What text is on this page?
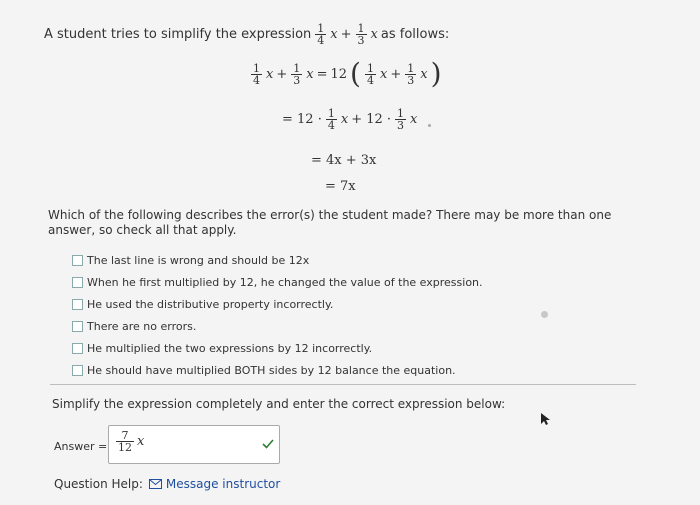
A student tries to simplify the expression $\frac{1}{4}$ $x + \frac{1}{3}$ x as follows:
$\frac{1}{4}$ $x + \frac{1}{3}$ x = 12 ( $\frac{1}{4}$ $x + \frac{1}{3}$ x )
= $12 \cdot \frac{1}{4}$ $x + 12 \cdot \frac{1}{3}$ x
= 4x + 3x
= 7x
Which of the following describes the error(s) the student made? There may be more than one answer, so check all that apply.
The last line is wrong and should be 12x
When he first multiplied by 12, he changed the value of the expression.
He used the distributive property incorrectly.
There are no errors.
He multiplied the two expressions by 12 incorrectly.
He should have multiplied BOTH sides by 12 balance the equation.
Simplify the expression completely and enter the correct expression below:
Answer = $\frac{7}{12}$ x
Question Help: Message instructor
